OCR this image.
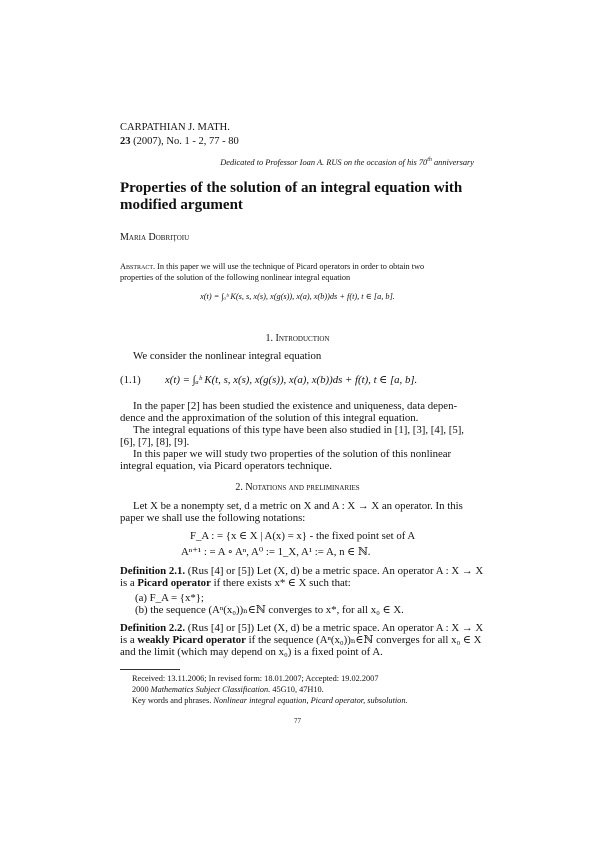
CARPATHIAN J. MATH.
23 (2007), No. 1 - 2, 77 - 80
Dedicated to Professor Ioan A. RUS on the occasion of his 70th anniversary
Properties of the solution of an integral equation with
modified argument
Maria Dobriţoiu
Abstract. In this paper we will use the technique of Picard operators in order to obtain two
properties of the solution of the following nonlinear integral equation
x(t) = ∫ₐᵇ K(s, s, x(s), x(g(s)), x(a), x(b))ds + f(t), t ∈ [a, b].
1. Introduction
We consider the nonlinear integral equation
(1.1) x(t) = ∫ₐᵇ K(t, s, x(s), x(g(s)), x(a), x(b))ds + f(t), t ∈ [a, b].
In the paper [2] has been studied the existence and uniqueness, data depen-
dence and the approximation of the solution of this integral equation.
The integral equations of this type have been also studied in [1], [3], [4], [5],
[6], [7], [8], [9].
In this paper we will study two properties of the solution of this nonlinear
integral equation, via Picard operators technique.
2. Notations and preliminaries
Let X be a nonempty set, d a metric on X and A : X → X an operator. In this
paper we shall use the following notations:
F_A : = {x ∈ X | A(x) = x} - the fixed point set of A
Aⁿ⁺¹ : = A ∘ Aⁿ, A⁰ := 1_X, A¹ := A, n ∈ ℕ.
Definition 2.1. (Rus [4] or [5]) Let (X, d) be a metric space. An operator A : X → X
is a Picard operator if there exists x* ∈ X such that:
(a) F_A = {x*};
(b) the sequence (Aⁿ(x₀))ₙ∈ℕ converges to x*, for all x₀ ∈ X.
Definition 2.2. (Rus [4] or [5]) Let (X, d) be a metric space. An operator A : X → X
is a weakly Picard operator if the sequence (Aⁿ(x₀))ₙ∈ℕ converges for all x₀ ∈ X
and the limit (which may depend on x₀) is a fixed point of A.
Received: 13.11.2006; In revised form: 18.01.2007; Accepted: 19.02.2007
2000 Mathematics Subject Classification. 45G10, 47H10.
Key words and phrases. Nonlinear integral equation, Picard operator, subsolution.
77
